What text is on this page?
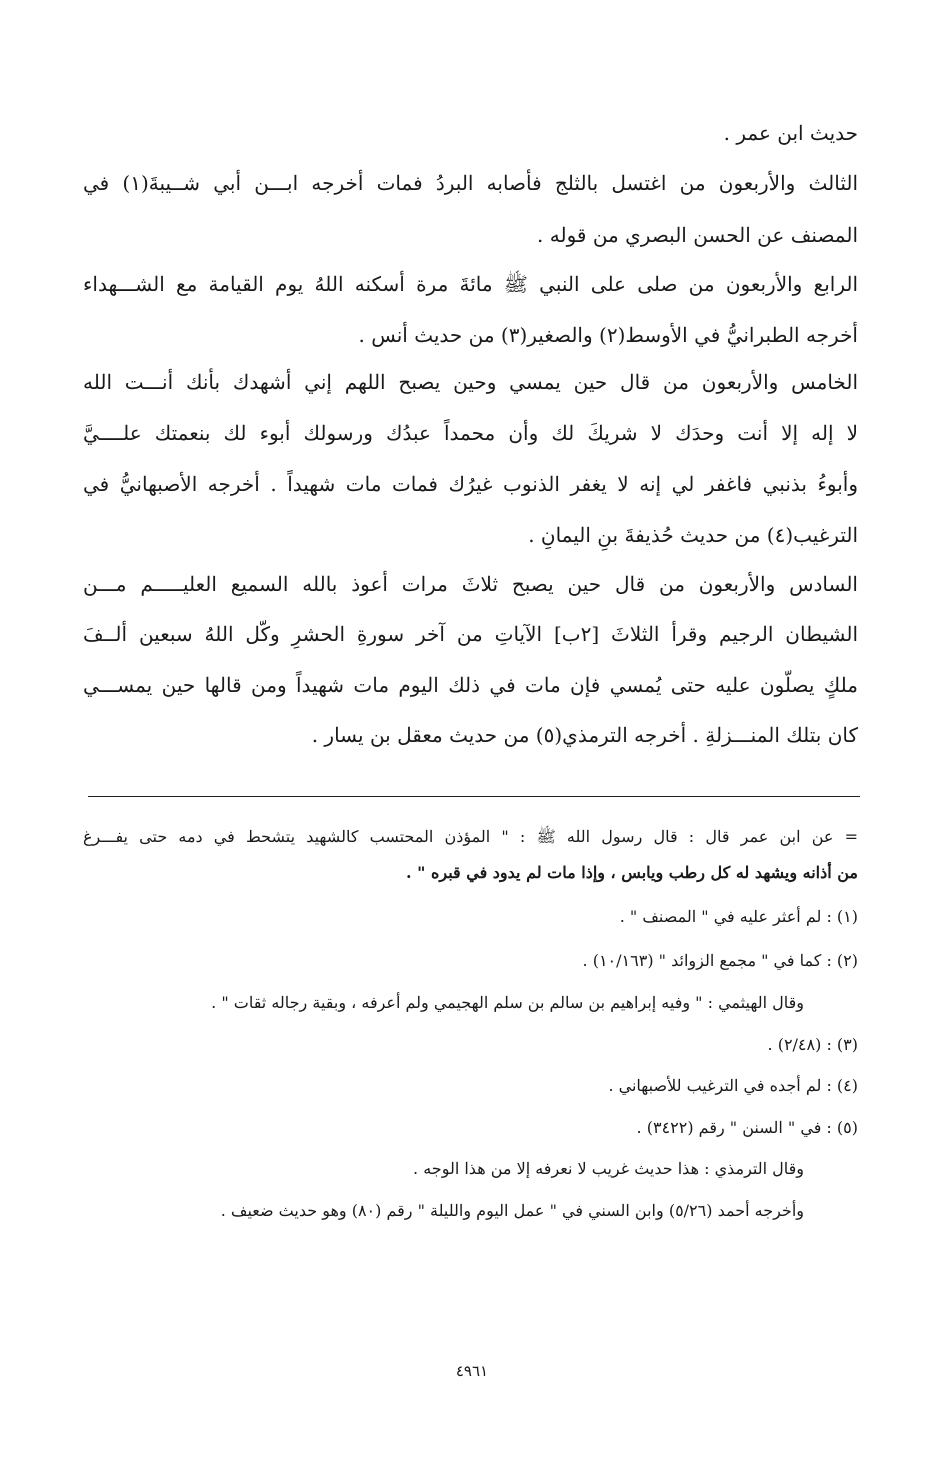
حديث ابن عمر .
الثالث والأربعون من اغتسل بالثلج فأصابه البردُ فمات أخرجه ابـــن أبي شــيبةَ(١) في
المصنف عن الحسن البصري من قوله .
الرابع والأربعون من صلى على النبي ﷺ مائةَ مرة أسكنه اللهُ يوم القيامة مع الشـــهداء
أخرجه الطبرانيُّ في الأوسط(٢) والصغير(٣) من حديث أنس .
الخامس والأربعون من قال حين يمسي وحين يصبح اللهم إني أشهدك بأنك أنـــت الله
لا إله إلا أنت وحدَك لا شريكَ لك وأن محمداً عبدُك ورسولك أبوء لك بنعمتك علــــيَّ
وأبوءُ بذنبي فاغفر لي إنه لا يغفر الذنوب غيرُك فمات مات شهيداً . أخرجه الأصبهانيُّ في
الترغيب(٤) من حديث حُذيفةَ بنِ اليمانِ .
السادس والأربعون من قال حين يصبح ثلاثَ مرات أعوذ بالله السميع العليـــــم مـــن
الشيطان الرجيم وقرأ الثلاثَ [٢ب] الآياتِ من آخر سورةِ الحشرِ وكّل اللهُ سبعين ألــفَ
ملكٍ يصلّون عليه حتى يُمسي فإن مات في ذلك اليوم مات شهيداً ومن قالها حين يمســـي
كان بتلك المنـــزلةِ . أخرجه الترمذي(٥) من حديث معقل بن يسار .
= عن ابن عمر قال : قال رسول الله ﷺ : " المؤذن المحتسب كالشهيد يتشحط في دمه حتى يفـــرغ
من أذانه ويشهد له كل رطب ويابس ، وإذا مات لم يدود في قبره " .
(١) : لم أعثر عليه في " المصنف " .
(٢) : كما في " مجمع الزوائد " (١٠/١٦٣) .
وقال الهيثمي : " وفيه إبراهيم بن سالم بن سلم الهجيمي ولم أعرفه ، وبقية رجاله ثقات " .
(٣) : (٢/٤٨) .
(٤) : لم أجده في الترغيب للأصبهاني .
(٥) : في " السنن " رقم (٣٤٢٢) .
وقال الترمذي : هذا حديث غريب لا نعرفه إلا من هذا الوجه .
وأخرجه أحمد (٥/٢٦) وابن السني في " عمل اليوم والليلة " رقم (٨٠) وهو حديث ضعيف .
٤٩٦١
